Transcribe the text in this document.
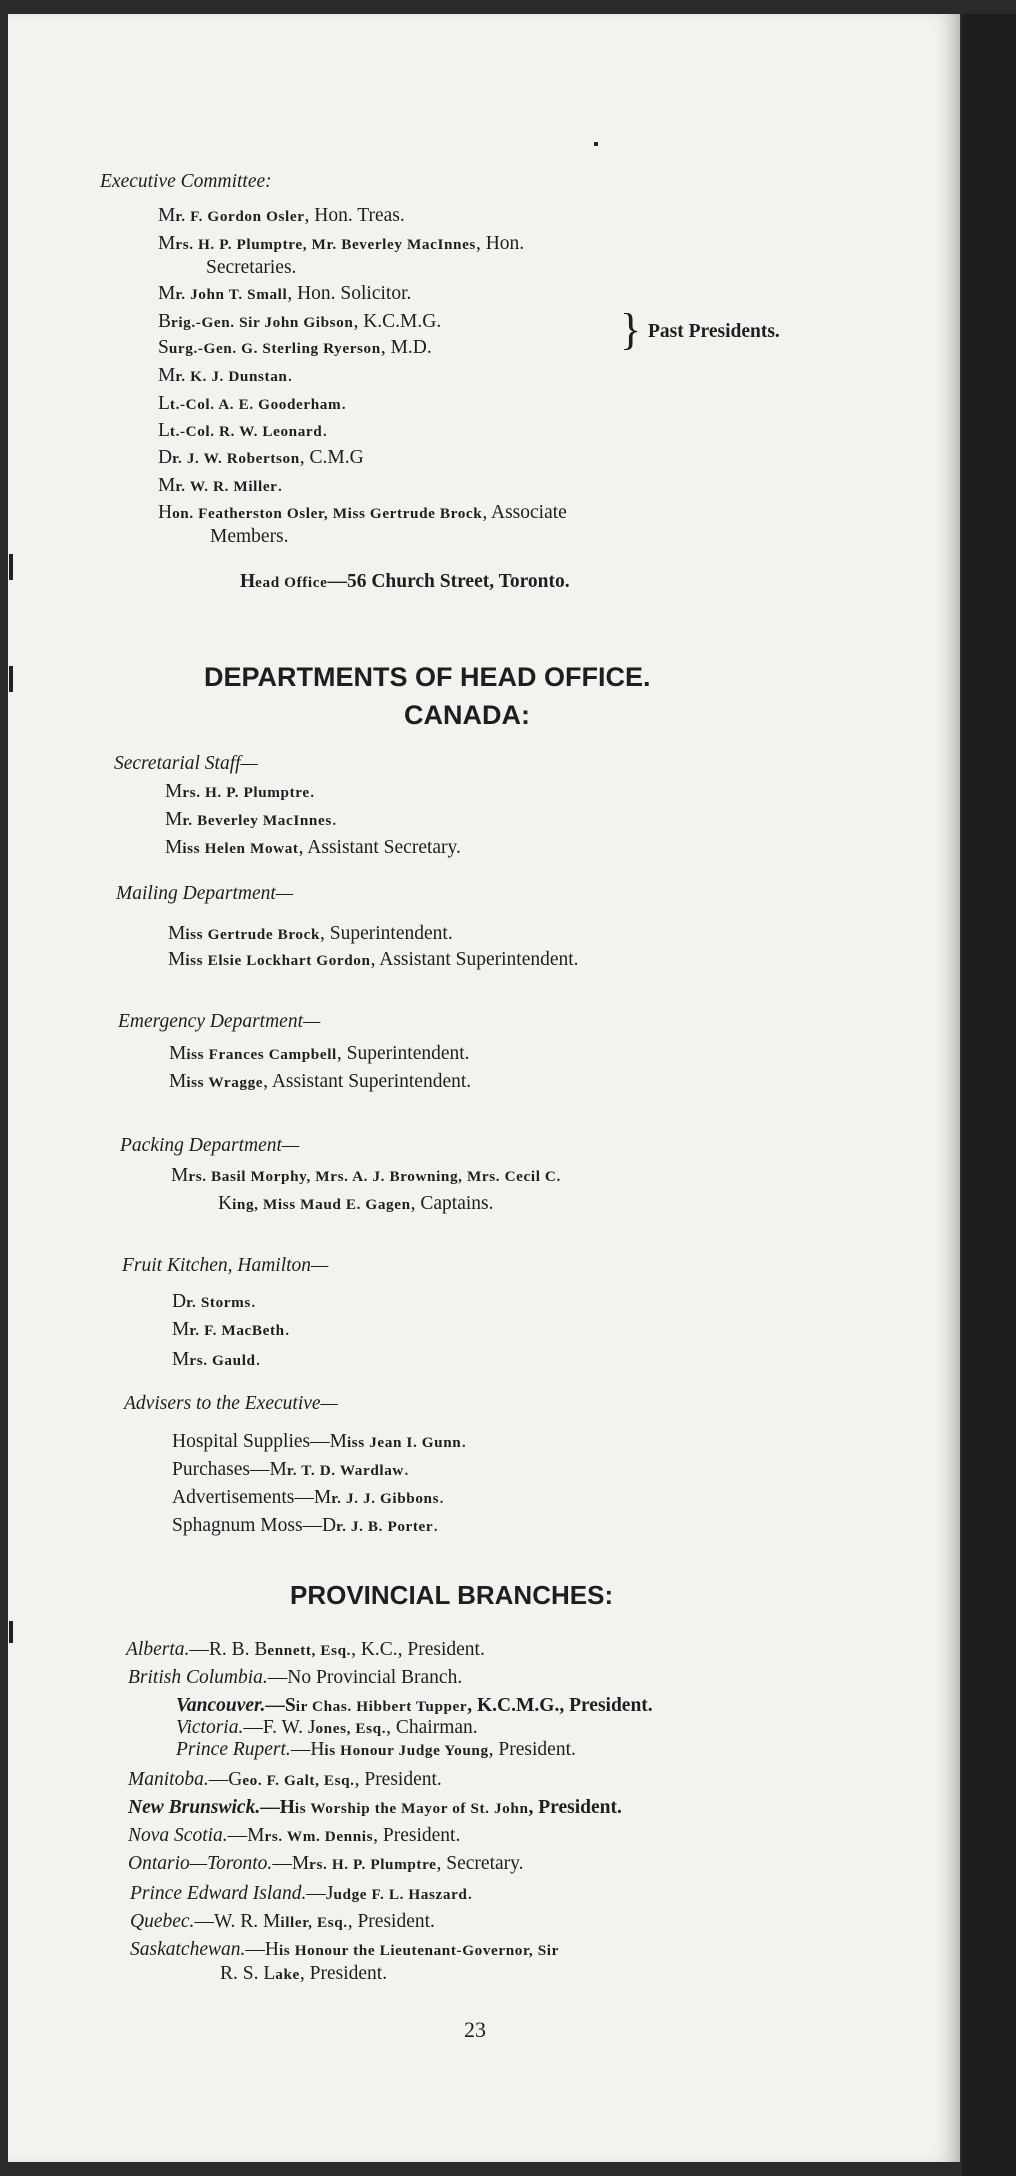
Executive Committee:
Mr. F. Gordon Osler, Hon. Treas.
Mrs. H. P. Plumptre, Mr. Beverley MacInnes, Hon.
Secretaries.
Mr. John T. Small, Hon. Solicitor.
Brig.-Gen. Sir John Gibson, K.C.M.G.
Surg.-Gen. G. Sterling Ryerson, M.D.
Mr. K. J. Dunstan.
Lt.-Col. A. E. Gooderham.
Lt.-Col. R. W. Leonard.
Dr. J. W. Robertson, C.M.G
Mr. W. R. Miller.
Hon. Featherston Osler, Miss Gertrude Brock, Associate
Members.
} Past Presidents.
Head Office—56 Church Street, Toronto.
DEPARTMENTS OF HEAD OFFICE.
CANADA:
Secretarial Staff—
Mrs. H. P. Plumptre.
Mr. Beverley MacInnes.
Miss Helen Mowat, Assistant Secretary.
Mailing Department—
Miss Gertrude Brock, Superintendent.
Miss Elsie Lockhart Gordon, Assistant Superintendent.
Emergency Department—
Miss Frances Campbell, Superintendent.
Miss Wragge, Assistant Superintendent.
Packing Department—
Mrs. Basil Morphy, Mrs. A. J. Browning, Mrs. Cecil C.
King, Miss Maud E. Gagen, Captains.
Fruit Kitchen, Hamilton—
Dr. Storms.
Mr. F. MacBeth.
Mrs. Gauld.
Advisers to the Executive—
Hospital Supplies—Miss Jean I. Gunn.
Purchases—Mr. T. D. Wardlaw.
Advertisements—Mr. J. J. Gibbons.
Sphagnum Moss—Dr. J. B. Porter.
PROVINCIAL BRANCHES:
Alberta.—R. B. Bennett, Esq., K.C., President.
British Columbia.—No Provincial Branch.
Vancouver.—Sir Chas. Hibbert Tupper, K.C.M.G., President.
Victoria.—F. W. Jones, Esq., Chairman.
Prince Rupert.—His Honour Judge Young, President.
Manitoba.—Geo. F. Galt, Esq., President.
New Brunswick.—His Worship the Mayor of St. John, President.
Nova Scotia.—Mrs. Wm. Dennis, President.
Ontario—Toronto.—Mrs. H. P. Plumptre, Secretary.
Prince Edward Island.—Judge F. L. Haszard.
Quebec.—W. R. Miller, Esq., President.
Saskatchewan.—His Honour the Lieutenant-Governor, Sir
R. S. Lake, President.
23
